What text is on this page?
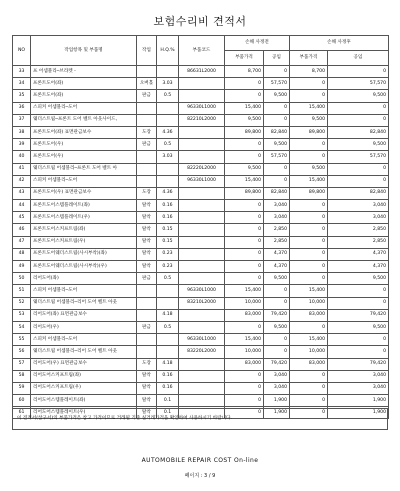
보험수리비 견적서
NO	작업항목 및 부품명	작업	H.Q.%	부품코드	손해 사정전		손해 사정후	
					부품가격	공임	부품가격	공임
33	프 어셈블리─브라켓 -			86631L2000	8,700	0	8,700	0
34	프론트도어(좌)	오버홀	3.03		0	57,570	0	57,570
35	프론트도어(좌)	판금	0.5		0	9,500	0	9,500
36	스피커 어셈블리─도어			96330L1000	15,400	0	15,400	0
37	웨더스트립─프론트 도어 벨트 아웃사이드,			82210L2000	9,500	0	9,500	0
38	프론트도어(좌) 표면관금보수	도장	4.36		89,800	82,840	89,800	82,840
39	프론트도어(우)	판금	0.5		0	9,500	0	9,500
40	프론트도어(우)		3.03		0	57,570	0	57,570
41	웨더스트립 어셈블리─프론트 도어 벨트 아			82220L2000	9,500	0	9,500	0
42	스피커 어셈블리─도어			96330L1000	15,400	0	15,400	0
43	프론트도어(우) 표면관금보수	도장	4.36		89,800	82,840	89,800	82,840
44	프론트도어스텝플레이트(좌)	탈착	0.16		0	3,040	0	3,040
45	프론트도어스텝플레이트(우)	탈착	0.16		0	3,040	0	3,040
46	프론트도어스커프트림(좌)	탈착	0.15		0	2,850	0	2,850
47	프론트도어스커프트림(우)	탈착	0.15		0	2,850	0	2,850
48	프론트도어웨더스트립(사시부착)(좌)	탈착	0.23		0	4,370	0	4,370
49	프론트도어웨더스트립(사시부착)(우)	탈착	0.23		0	4,370	0	4,370
50	리어도어(좌)	판금	0.5		0	9,500	0	9,500
51	스피커 어셈블리─도어			96330L1000	15,400	0	15,400	0
52	웨더스트립 어셈블리─리어 도어 벨트 아웃			83210L2000	10,000	0	10,000	0
53	리어도어(좌) 표면관금보수		4.18		83,000	79,420	83,000	79,420
54	리어도어(우)	판금	0.5		0	9,500	0	9,500
55	스피커 어셈블리─도어			96330L1000	15,400	0	15,400	0
56	웨더스트립 어셈블리─리어 도어 벨트 아웃			83220L2000	10,000	0	10,000	0
57	리어도어(우) 표면관금보수	도장	4.18		83,000	79,420	83,000	79,420
58	리어도어스커프트림(좌)	탈착	0.16		0	3,040	0	3,040
59	리어도어스커프트림(우)	탈착	0.16		0	3,040	0	3,040
60	리어도어스텝플레이트(좌)	탈착	0.1		0	1,900	0	1,900
61	리어도어스텝플레이트(우)	탈착	0.1		0	1,900	0	1,900
이 견적서(참구서)의 부품가격은 참고 가격이므로 거래될 기준 실거래가격을 확인하여 사용하시기 바랍니다.
AUTOMOBILE REPAIR COST On-line
페이지 : 3 / 9
